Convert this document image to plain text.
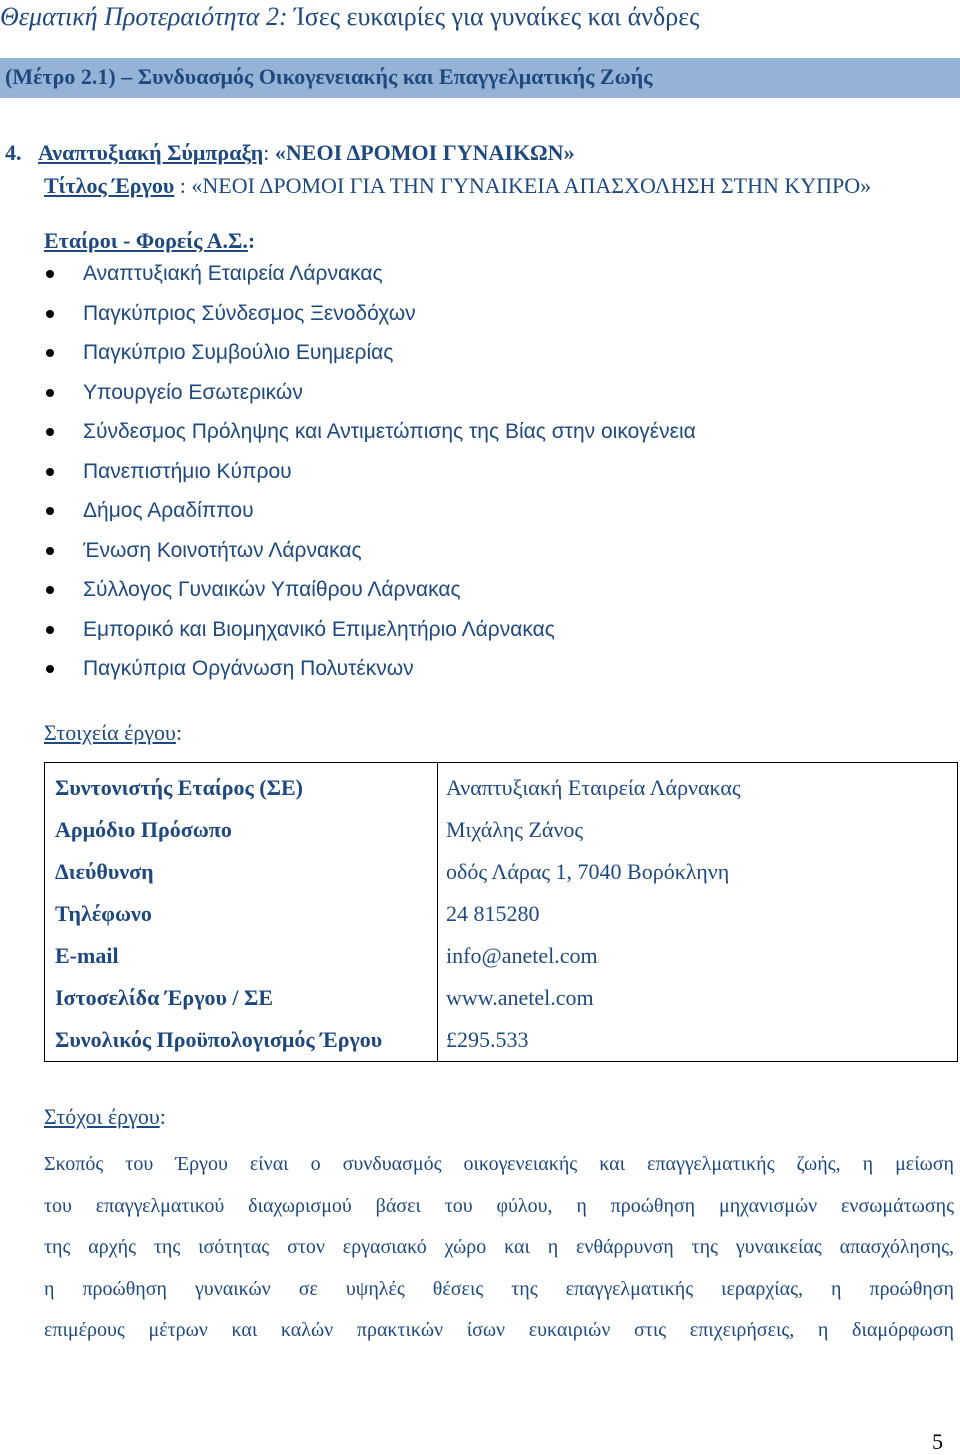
Θεματική Προτεραιότητα 2: Ίσες ευκαιρίες για γυναίκες και άνδρες
(Μέτρο 2.1) – Συνδυασμός Οικογενειακής και Επαγγελματικής Ζωής
4. Αναπτυξιακή Σύμπραξη: «ΝΕΟΙ ΔΡΟΜΟΙ ΓΥΝΑΙΚΩΝ»
Τίτλος Έργου : «ΝΕΟΙ ΔΡΟΜΟΙ ΓΙΑ ΤΗΝ ΓΥΝΑΙΚΕΙΑ ΑΠΑΣΧΟΛΗΣΗ ΣΤΗΝ ΚΥΠΡΟ»
Εταίροι - Φορείς Α.Σ.:
Αναπτυξιακή Εταιρεία Λάρνακας
Παγκύπριος Σύνδεσμος Ξενοδόχων
Παγκύπριο Συμβούλιο Ευημερίας
Υπουργείο Εσωτερικών
Σύνδεσμος Πρόληψης και Αντιμετώπισης της Βίας στην οικογένεια
Πανεπιστήμιο Κύπρου
Δήμος Αραδίππου
Ένωση Κοινοτήτων Λάρνακας
Σύλλογος Γυναικών Υπαίθρου Λάρνακας
Εμπορικό και Βιομηχανικό Επιμελητήριο Λάρνακας
Παγκύπρια Οργάνωση Πολυτέκνων
Στοιχεία έργου:
Συντονιστής Εταίρος (ΣΕ)	Αναπτυξιακή Εταιρεία Λάρνακας
Αρμόδιο Πρόσωπο	Μιχάλης Ζάνος
Διεύθυνση	οδός Λάρας 1, 7040 Βορόκληνη
Τηλέφωνο	24 815280
E-mail	info@anetel.com
Ιστοσελίδα Έργου / ΣΕ	www.anetel.com
Συνολικός Προϋπολογισμός Έργου	£295.533
Στόχοι έργου:
Σκοπός του Έργου είναι ο συνδυασμός οικογενειακής και επαγγελματικής ζωής, η μείωση
του επαγγελματικού διαχωρισμού βάσει του φύλου, η προώθηση μηχανισμών ενσωμάτωσης
της αρχής της ισότητας στον εργασιακό χώρο και η ενθάρρυνση της γυναικείας απασχόλησης,
η προώθηση γυναικών σε υψηλές θέσεις της επαγγελματικής ιεραρχίας, η προώθηση
επιμέρους μέτρων και καλών πρακτικών ίσων ευκαιριών στις επιχειρήσεις, η διαμόρφωση
5
